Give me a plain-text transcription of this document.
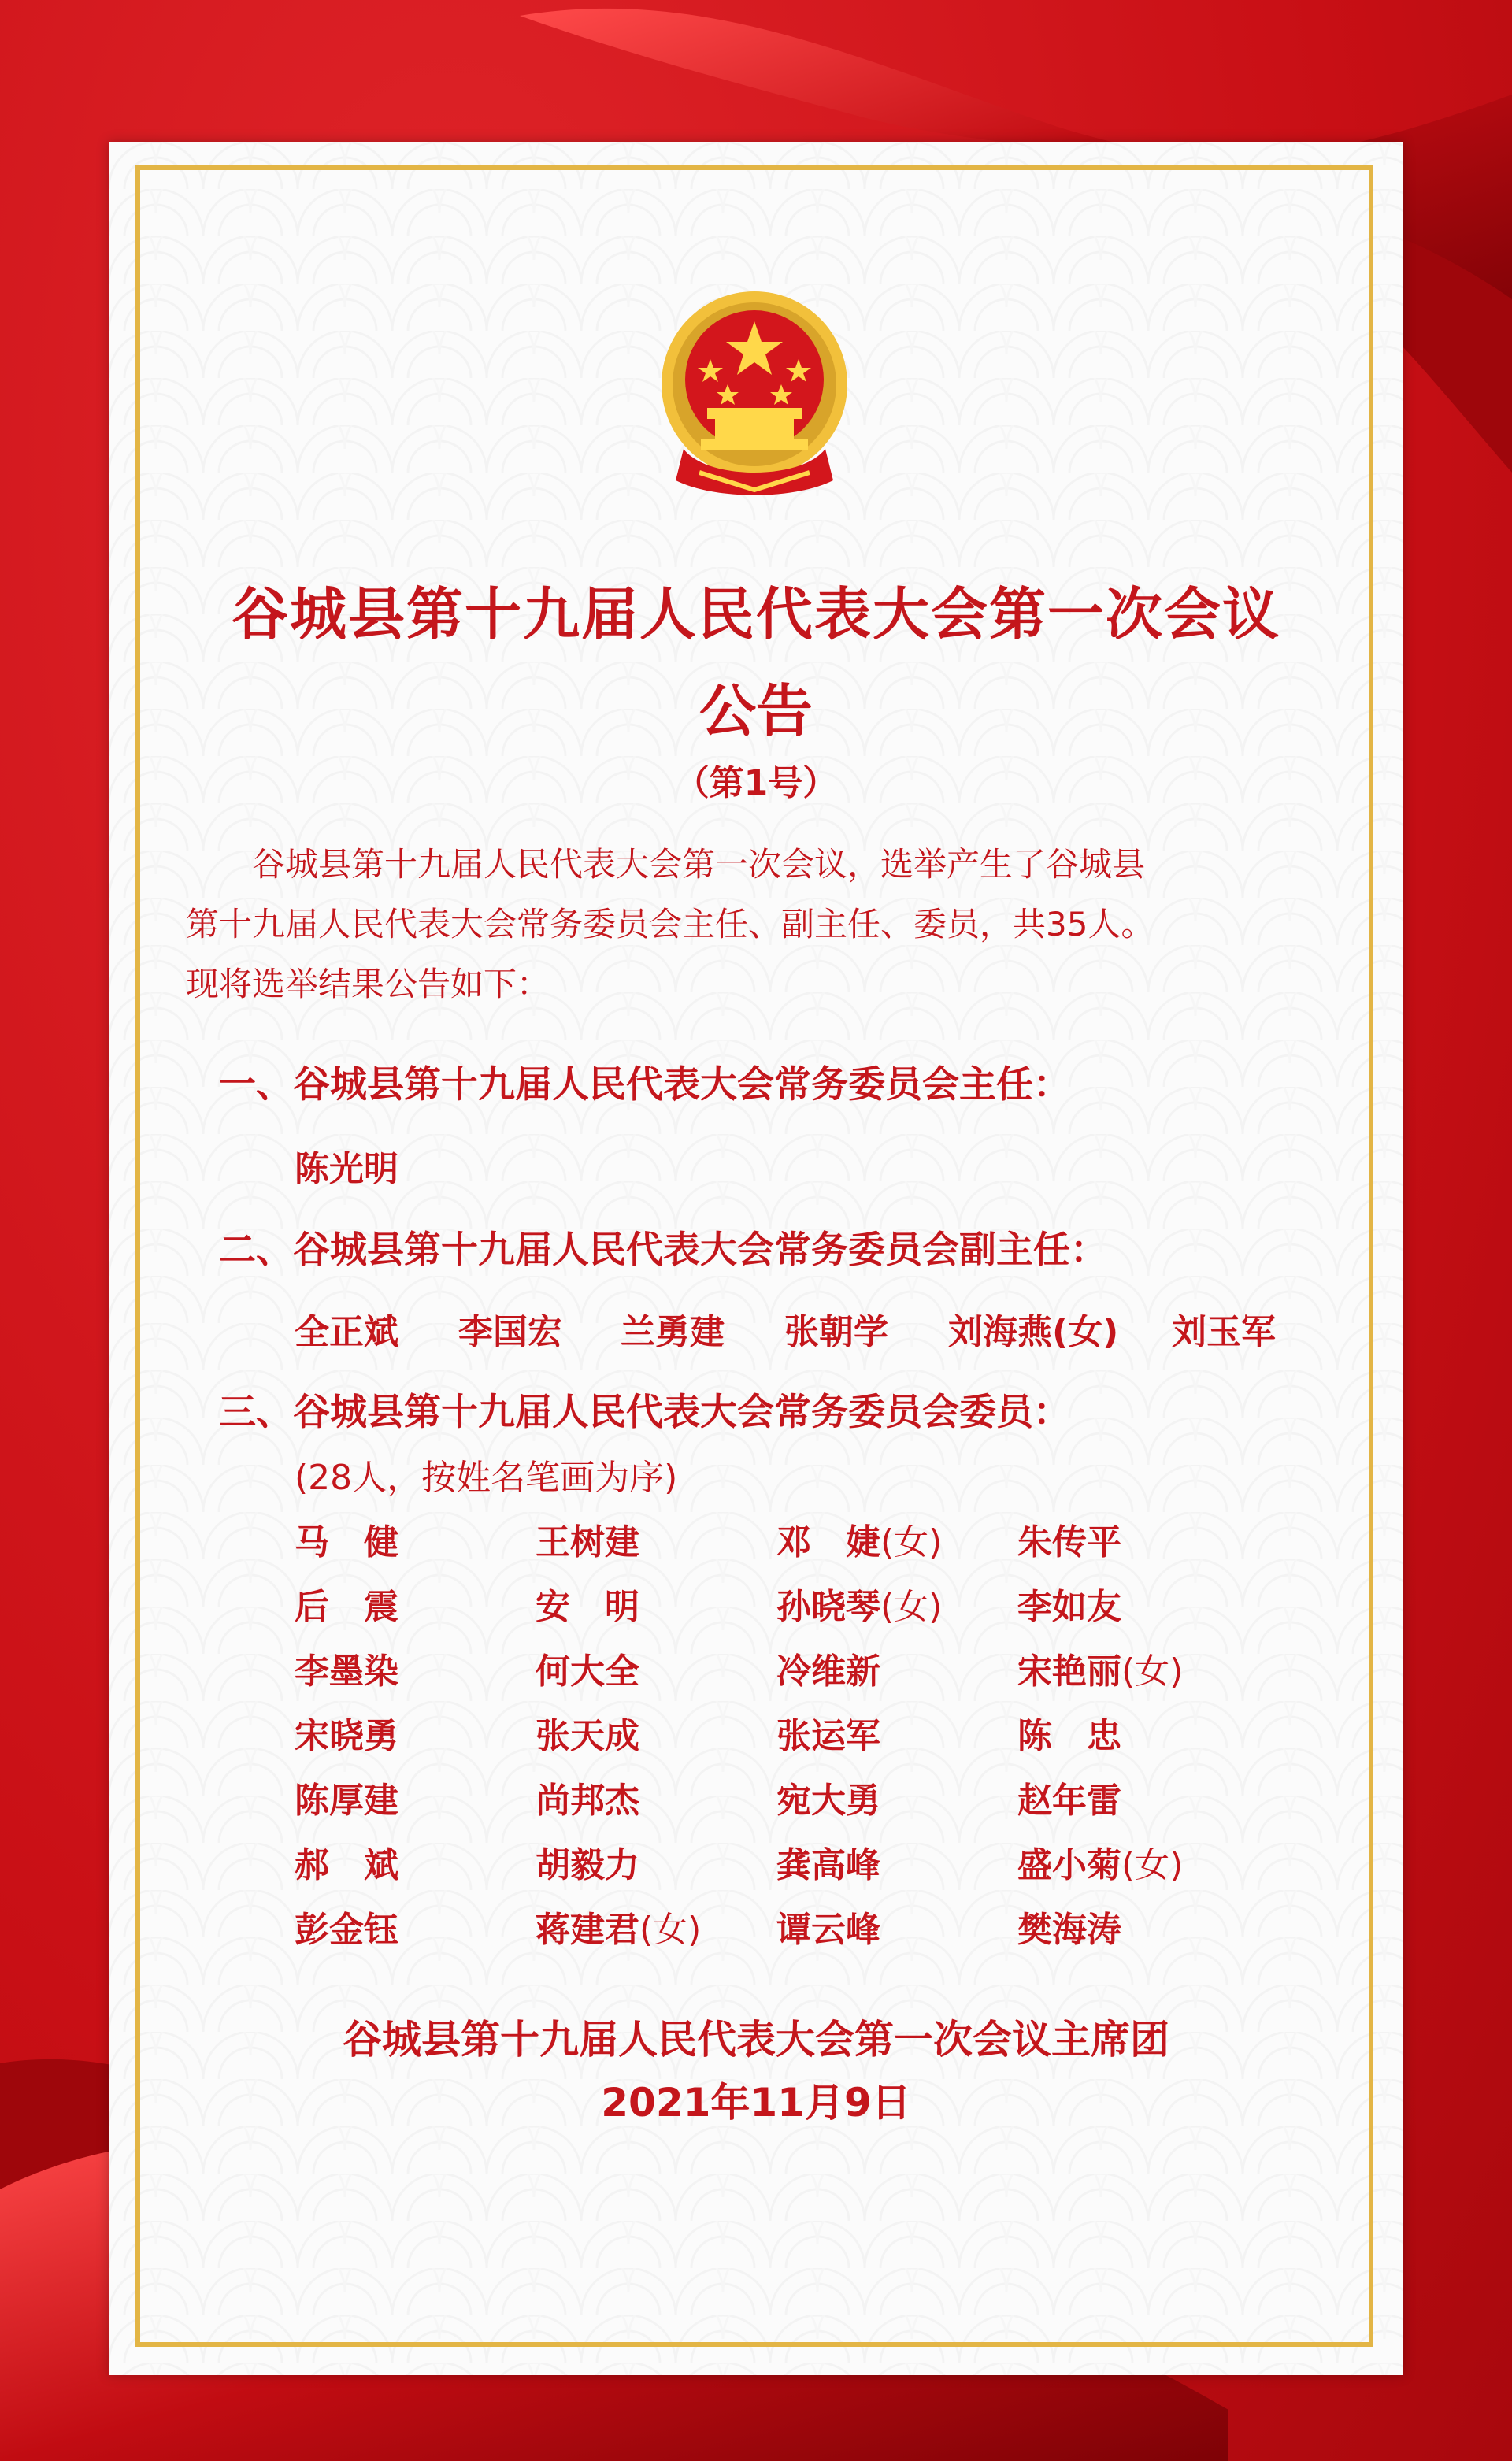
谷城县第十九届人民代表大会第一次会议
公告
（第1号）

谷城县第十九届人民代表大会第一次会议，选举产生了谷城县

第十九届人民代表大会常务委员会主任、副主任、委员，共35人。

现将选举结果公告如下：

一、谷城县第十九届人民代表大会常务委员会主任：
陈光明
二、谷城县第十九届人民代表大会常务委员会副主任：
全正斌 李国宏 兰勇建 张朝学 刘海燕(女) 刘玉军
三、谷城县第十九届人民代表大会常务委员会委员：
(28人，按姓名笔画为序)
马　健	王树建	邓　婕(女) 朱传平
后　震	安　明	孙晓琴(女) 李如友
李墨染	何大全	冷维新	宋艳丽(女)
宋晓勇	张天成	张运军	陈　忠
陈厚建	尚邦杰	宛大勇	赵年雷
郝　斌	胡毅力	龚高峰	盛小菊(女)
彭金钰	蒋建君(女) 谭云峰	樊海涛
谷城县第十九届人民代表大会第一次会议主席团
2021年11月9日
